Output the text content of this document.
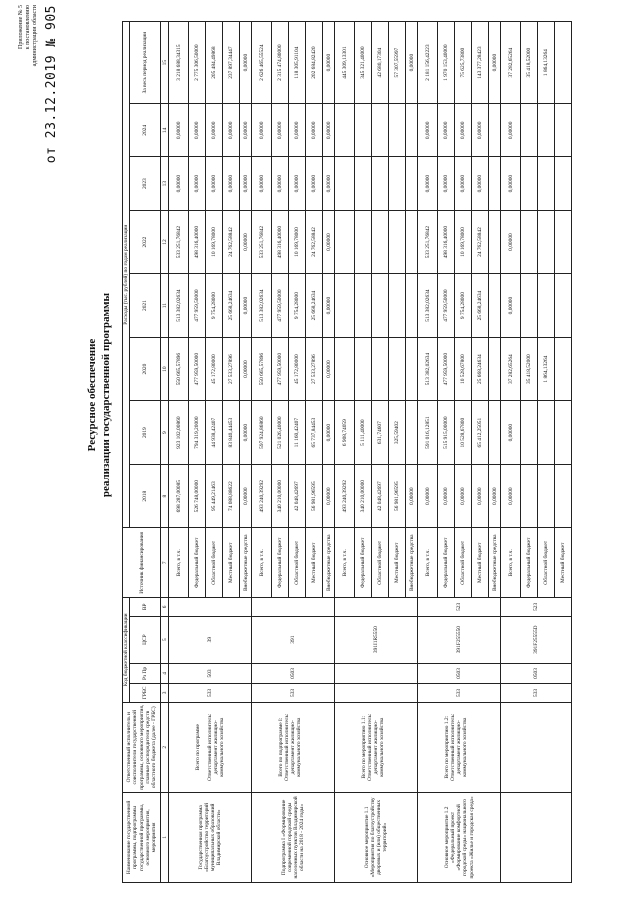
Приложение № 5 к постановлению администрации области от 23.12.2019 № 905
Ресурсное обеспечение реализации государственной программы
Наименование государственной программы, подпрограммы государственной программы, основного мероприятия, мероприятия	Ответственный исполнитель и соисполнители государственной программы, основного мероприятия, главные распорядители средств областного бюджета (далее - ГРБС)	Код бюджетной классификации				Источник финансирования	Расходы (тыс. рублей) по годам реализации							
		ГРБС	Рз Пр	ЦСР	ВР		2018	2019	2020	2021	2022	2023	2024	За весь период реализации

1	2	3	4	5	6	7	8	9	10	11	12	13	14	15
Государственная программа «Благоустройство территорий муниципальных образований Владимирской области»	Всего по программе Ответственный исполнитель: департамент жилищно-коммунального хозяйства	533	503	39		Всего, в т.ч.	698 287,00085	923 102,00860	550 665,57896	513 382,02634	533 251,76842	0,00000	0,00000	3 218 688,34315
						Федеральный бюджет	526 748,00000	794 319,20000	477 959,50000	477 959,50000	498 316,40000	0,00000	0,00000	2 775 306,50000
						Областной бюджет	95 449,21463	44 938,42407	45 172,80000	9 754,28000	10 169,78000	0,00000	0,00000	205 484,49868
						Местный бюджет	74 088,88622	83 840,44453	27 533,27896	25 668,24634	24 762,58842	0,00000	0,00000	237 897,34447
						Внебюджетные средства	0,00000	0,00000	0,00000	0,00000	0,00000	0,00000	0,00000	0,00000
Подпрограмма I «Формирование современной городской среды населенных пунктов Владимирской области на 2018 - 2024 годы»	Всего по подпрограмме I: Ответственный исполнитель: департамент жилищно-коммунального хозяйства	533	0503	391		Всего, в т.ч.	493 240,39292	597 924,86860	550 665,57896	513 382,02634	533 251,76842	0,00000	0,00000	2 626 465,55524
						Федеральный бюджет	340 210,00000	521 026,40000	477 959,50000	477 959,50000	498 316,40000	0,00000	0,00000	2 315 474,80000
						Областной бюджет	42 048,42697	11 160,42407	45 172,80000	9 754,28000	10 169,78000	0,00000	0,00000	118 305,91104
						Местный бюджет	56 981,96595	65 737,84453	27 533,27896	25 668,24634	24 762,58842	0,00000	0,00000	202 684,82420
						Внебюджетные средства	0,00000	0,00000	0,00000	0,00000	0,00000	0,00000	0,00000	0,00000
Основное мероприятие 1.1 «Мероприятия по благоустройству дворовых и (или) общественных территорий»	Всего по мероприятию 1.1: Ответственный исполнитель: департамент жилищно-коммунального хозяйства			391I1R5550		Всего, в т.ч.	493 240,39292	6 908,74059						445 309,13301
						Федеральный бюджет	340 210,00000	5 111,40000						345 321,40000
						Областной бюджет	42 048,42697	631,74607						42 680,17304
						Местный бюджет	56 981,96595	325,59402						57 307,55997
						Внебюджетные средства	0,00000							0,00000
Основное мероприятие 1.2 «Федеральный проект «Формирование комфортной городской среды» национального проекта «Жилье и городская среда»	Всего по мероприятию 1.2: Ответственный исполнитель: департамент жилищно-коммунального хозяйства	533	0503	391F255550	523	Всего, в т.ч.	0,00000	591 016,12851	513 382,02634	513 382,02634	533 251,76842	0,00000	0,00000	2 181 156,42223
						Федеральный бюджет	0,00000	515 915,00000	477 959,50000	477 959,50000	498 316,40000	0,00000	0,00000	1 970 153,40000
						Областной бюджет	0,00000	10 528,67800	10 528,67800	9 754,28000	10 169,78000	0,00000	0,00000	75 625,73800
						Местный бюджет	0,00000	65 412,25051	25 668,24634	25 668,24634	24 762,58842	0,00000	0,00000	143 377,28423
						Внебюджетные средства	0,00000							0,00000

	533	0503	391F25555D	523	Всего, в т.ч.	0,00000	0,00000	37 282,65264	0,00000	0,00000	0,00000	0,00000	37 282,65264
						Федеральный бюджет			35 418,52000					35 418,52000
						Областной бюджет			1 864,13264					1 864,13264
						Местный бюджет								
